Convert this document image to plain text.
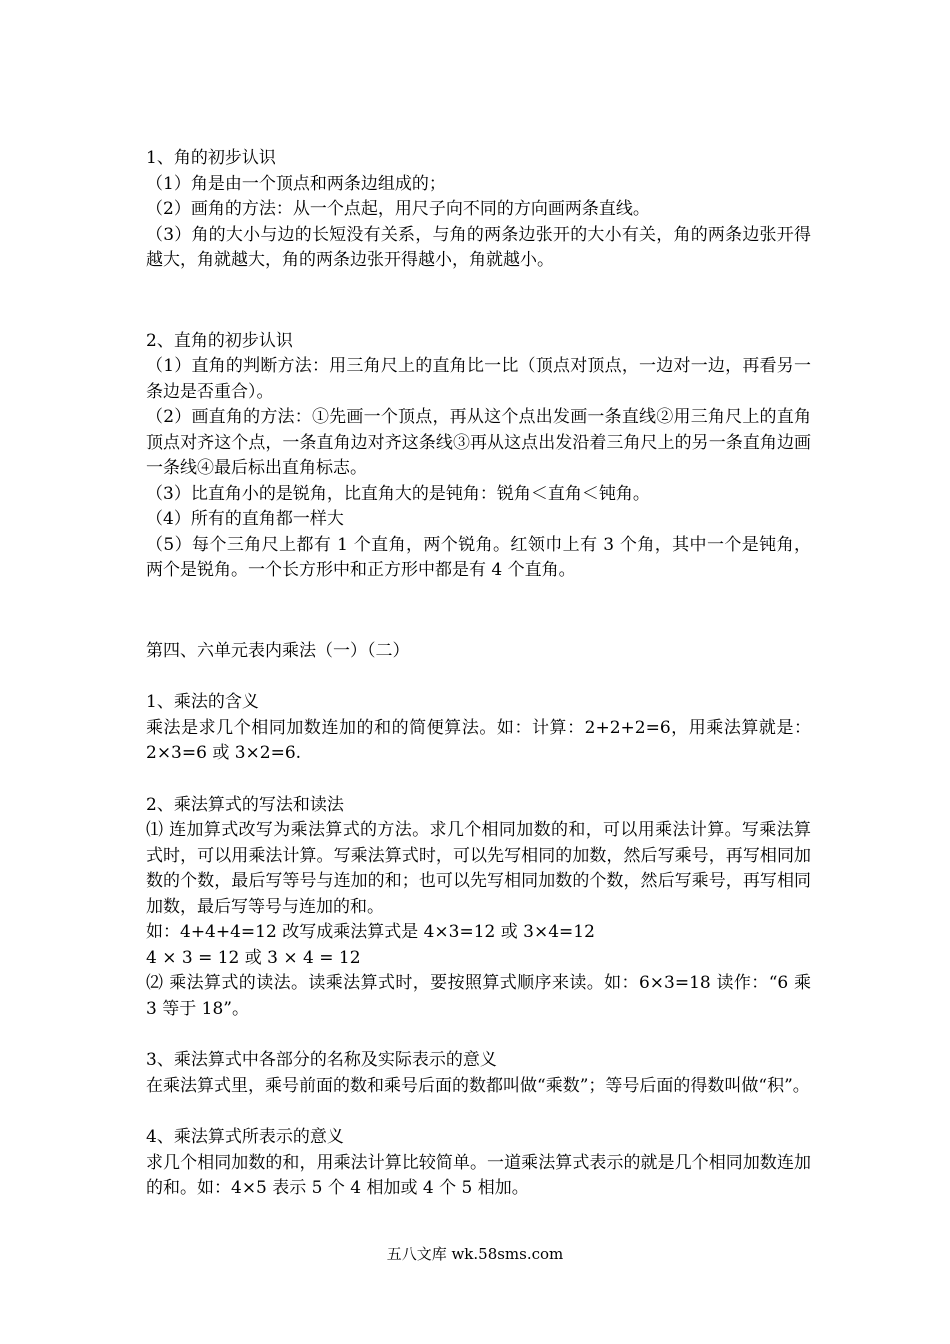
1、角的初步认识
（1）角是由一个顶点和两条边组成的；
（2）画角的方法：从一个点起，用尺子向不同的方向画两条直线。
（3）角的大小与边的长短没有关系，与角的两条边张开的大小有关，角的两条边张开得越大，角就越大，角的两条边张开得越小，角就越小。
2、直角的初步认识
（1）直角的判断方法：用三角尺上的直角比一比（顶点对顶点，一边对一边，再看另一条边是否重合）。
（2）画直角的方法：①先画一个顶点，再从这个点出发画一条直线②用三角尺上的直角顶点对齐这个点，一条直角边对齐这条线③再从这点出发沿着三角尺上的另一条直角边画一条线④最后标出直角标志。
（3）比直角小的是锐角，比直角大的是钝角：锐角＜直角＜钝角。
（4）所有的直角都一样大
（5）每个三角尺上都有 1 个直角，两个锐角。红领巾上有 3 个角，其中一个是钝角，两个是锐角。一个长方形中和正方形中都是有 4 个直角。
第四、六单元表内乘法（一）（二）
1、乘法的含义
乘法是求几个相同加数连加的和的简便算法。如：计算：2+2+2=6，用乘法算就是：2×3=6 或 3×2=6.
2、乘法算式的写法和读法
⑴ 连加算式改写为乘法算式的方法。求几个相同加数的和，可以用乘法计算。写乘法算式时，可以用乘法计算。写乘法算式时，可以先写相同的加数，然后写乘号，再写相同加数的个数，最后写等号与连加的和；也可以先写相同加数的个数，然后写乘号，再写相同加数，最后写等号与连加的和。
如：4+4+4=12 改写成乘法算式是 4×3=12 或 3×4=12
4 × 3 = 12 或 3 × 4 = 12
⑵ 乘法算式的读法。读乘法算式时，要按照算式顺序来读。如：6×3=18 读作：“6 乘 3 等于 18”。
3、乘法算式中各部分的名称及实际表示的意义
在乘法算式里，乘号前面的数和乘号后面的数都叫做“乘数”；等号后面的得数叫做“积”。
4、乘法算式所表示的意义
求几个相同加数的和，用乘法计算比较简单。一道乘法算式表示的就是几个相同加数连加的和。如：4×5 表示 5 个 4 相加或 4 个 5 相加。
五八文库 wk.58sms.com
